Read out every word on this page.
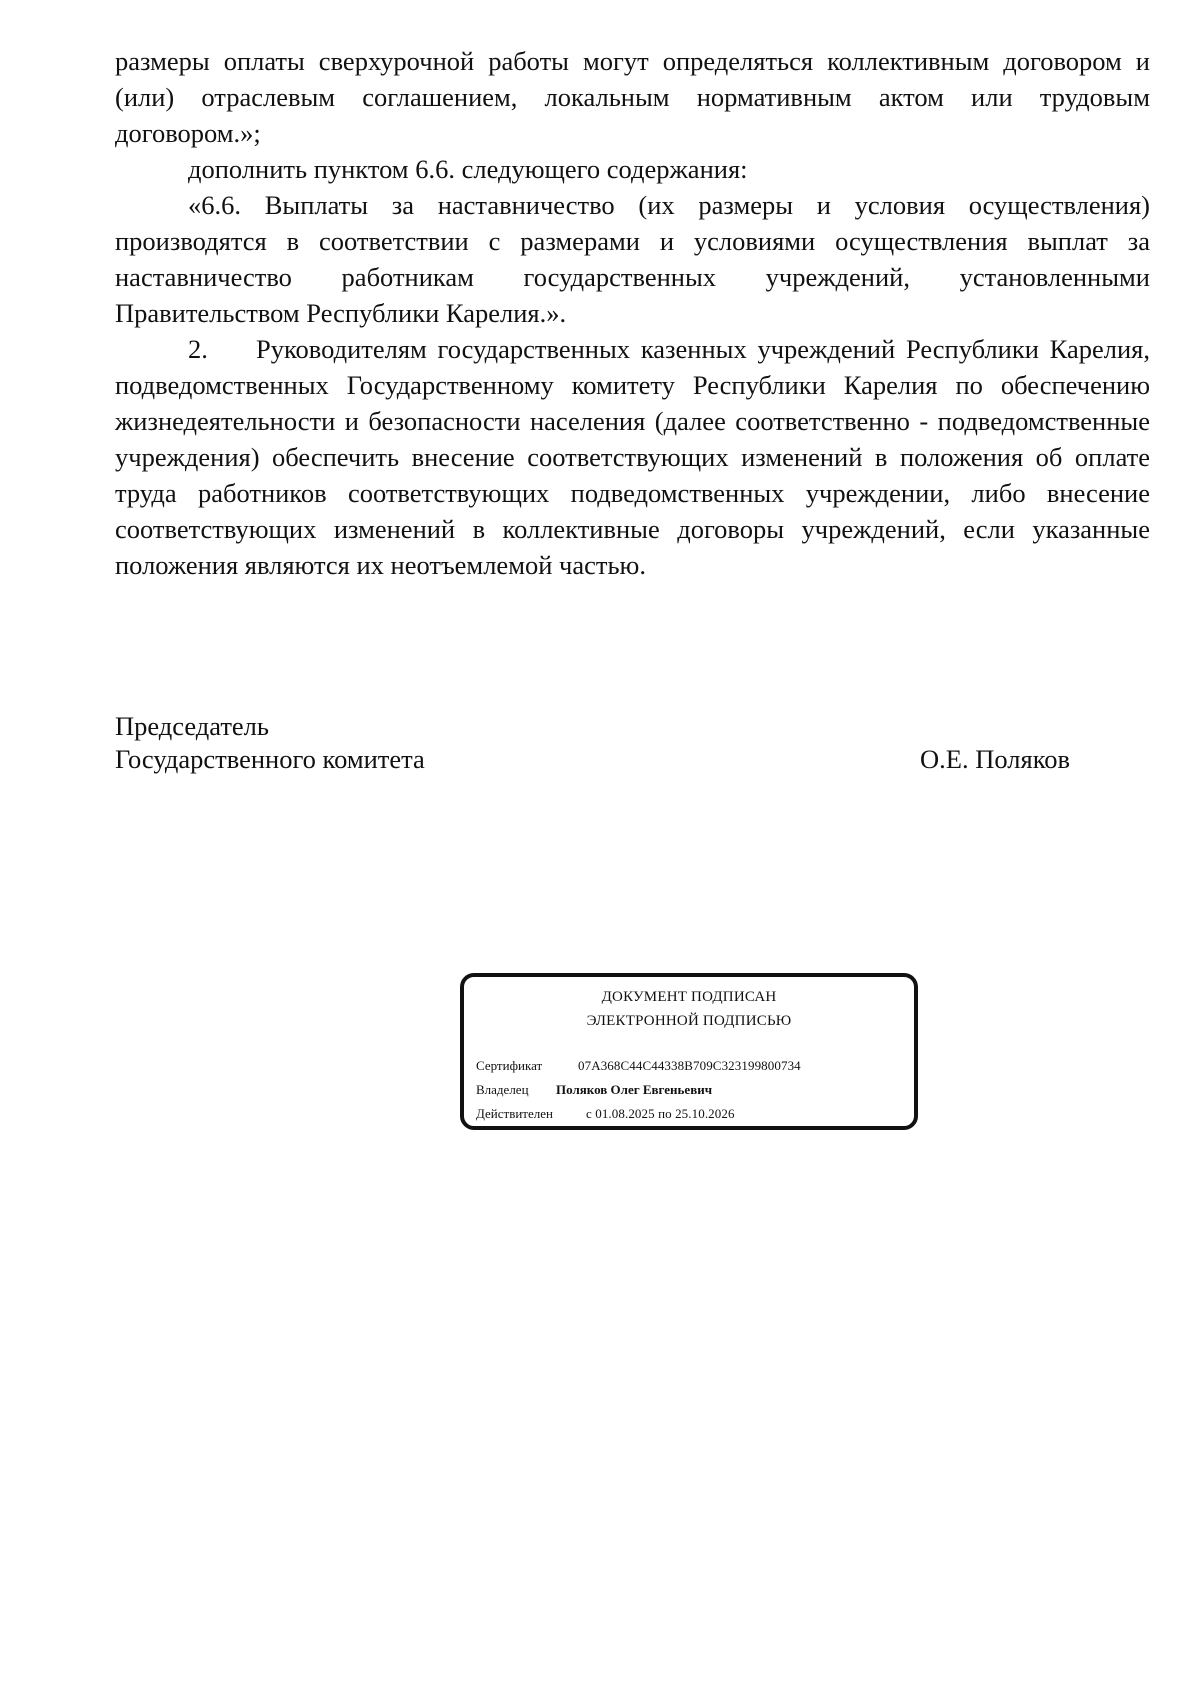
размеры оплаты сверхурочной работы могут определяться коллективным договором и (или) отраслевым соглашением, локальным нормативным актом или трудовым договором.»;

дополнить пунктом 6.6. следующего содержания:

«6.6. Выплаты за наставничество (их размеры и условия осуществления) производятся в соответствии с размерами и условиями осуществления выплат за наставничество работникам государственных учреждений, установленными Правительством Республики Карелия.».

2. Руководителям государственных казенных учреждений Республики Карелия, подведомственных Государственному комитету Республики Карелия по обеспечению жизнедеятельности и безопасности населения (далее соответственно - подведомственные учреждения) обеспечить внесение соответствующих изменений в положения об оплате труда работников соответствующих подведомственных учреждении, либо внесение соответствующих изменений в коллективные договоры учреждений, если указанные положения являются их неотъемлемой частью.

Председатель
Государственного комитета	О.Е. Поляков
ДОКУМЕНТ ПОДПИСАН
ЭЛЕКТРОННОЙ ПОДПИСЬЮ
Сертификат	07A368C44C44338B709C323199800734
Владелец Поляков Олег Евгеньевич
Действителен	с 01.08.2025 по 25.10.2026
